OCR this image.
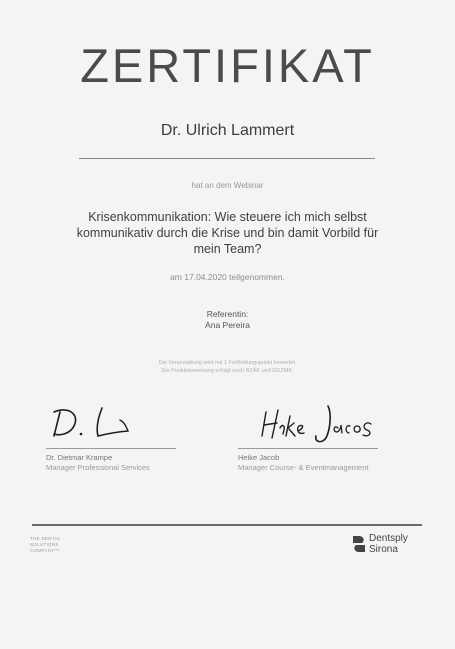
ZERTIFIKAT
Dr. Ulrich Lammert
hat an dem Webinar
Krisenkommunikation: Wie steuere ich mich selbst
kommunikativ durch die Krise und bin damit Vorbild für
mein Team?
am 17.04.2020 teilgenommen.
Referentin:
Ana Pereira
Die Veranstaltung wird mit 1 Fortbildungspunkt bewertet.
Die Punktebewertung erfolgt nach BZÄK und DGZMK.
Dr. Dietmar Krampe
Manager Professional Services
Heike Jacob
Manager Course- & Eventmanagement
THE DENTAL
SOLUTIONS
COMPANY™
Dentsply
Sirona
